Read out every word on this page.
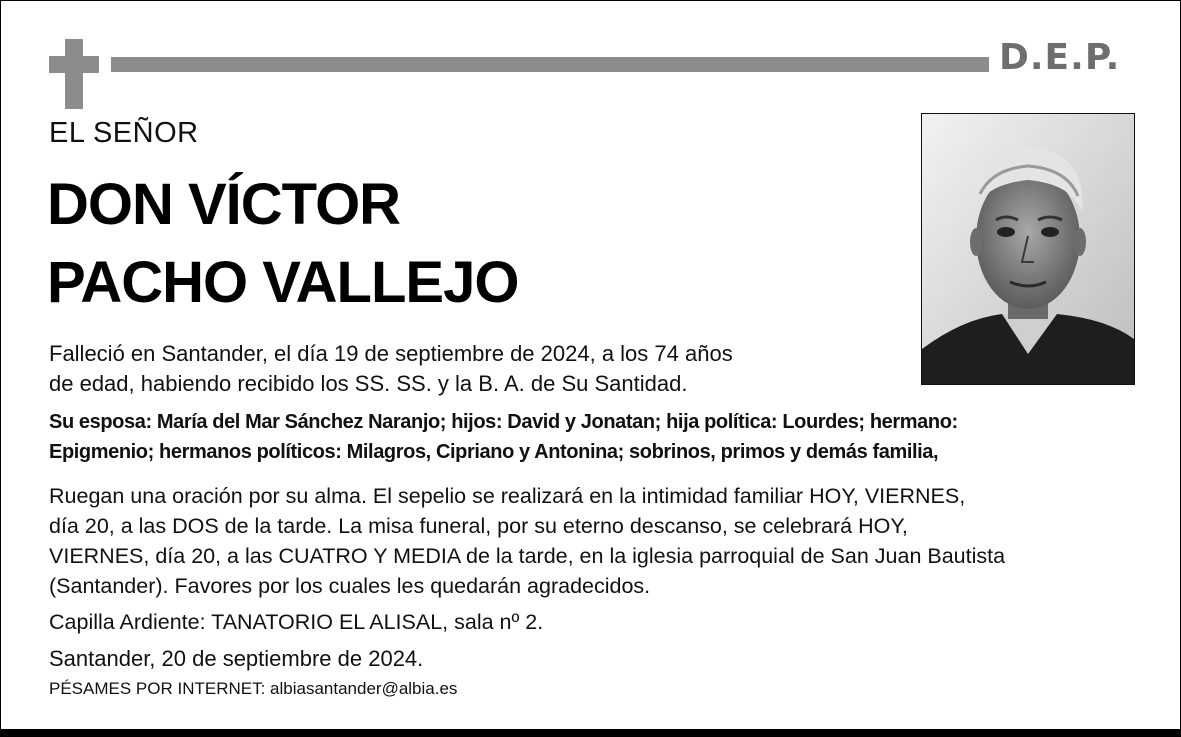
D.E.P.
EL SEÑOR
DON VÍCTOR
PACHO VALLEJO
Falleció en Santander, el día 19 de septiembre de 2024, a los 74 años
de edad, habiendo recibido los SS. SS. y la B. A. de Su Santidad.
Su esposa: María del Mar Sánchez Naranjo; hijos: David y Jonatan; hija política: Lourdes; hermano:
Epigmenio; hermanos políticos: Milagros, Cipriano y Antonina; sobrinos, primos y demás familia,
Ruegan una oración por su alma. El sepelio se realizará en la intimidad familiar HOY, VIERNES,
día 20, a las DOS de la tarde. La misa funeral, por su eterno descanso, se celebrará HOY,
VIERNES, día 20, a las CUATRO Y MEDIA de la tarde, en la iglesia parroquial de San Juan Bautista
(Santander). Favores por los cuales les quedarán agradecidos.
Capilla Ardiente: TANATORIO EL ALISAL, sala nº 2.
Santander, 20 de septiembre de 2024.
PÉSAMES POR INTERNET: albiasantander@albia.es
